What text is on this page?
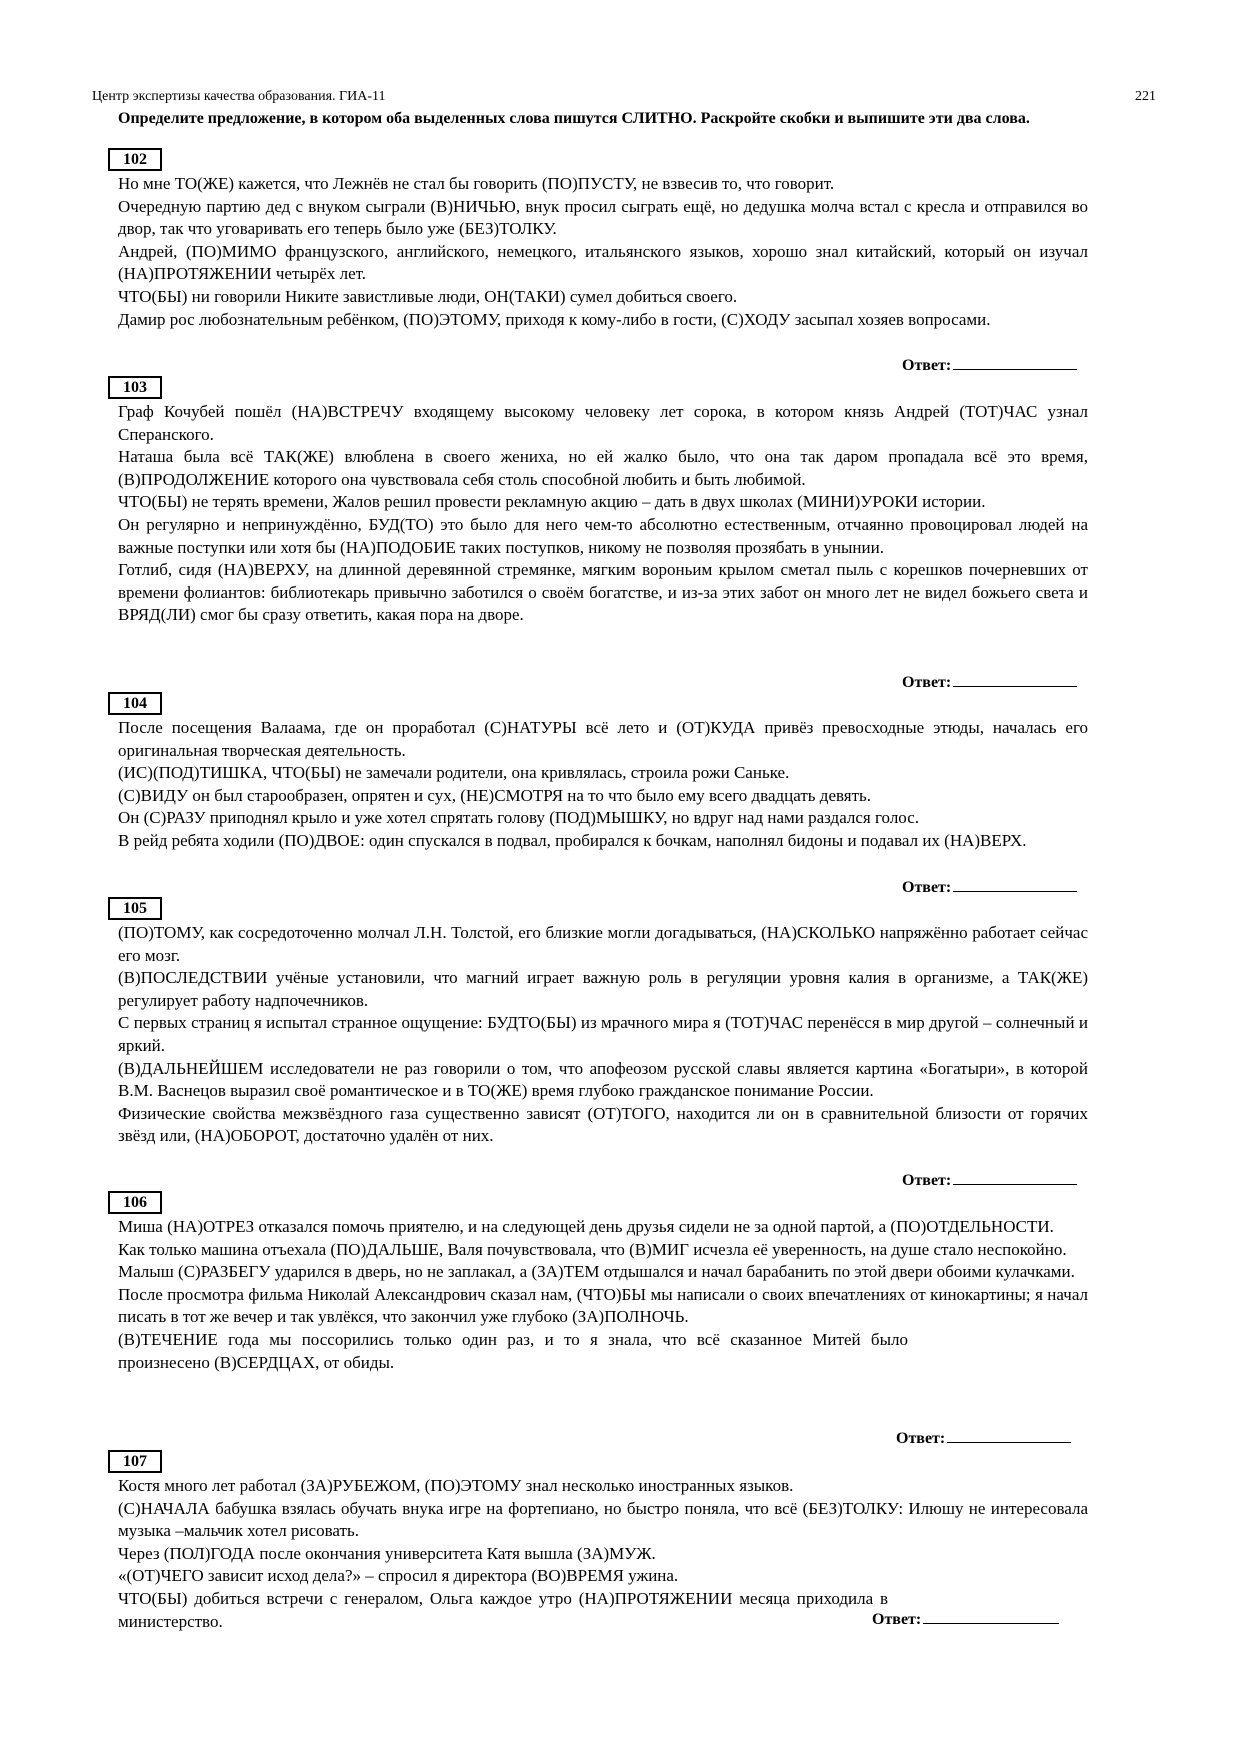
Центр экспертизы качества образования. ГИА-11	221
Определите предложение, в котором оба выделенных слова пишутся СЛИТНО. Раскройте скобки и выпишите эти два слова.
102

Но мне ТО(ЖЕ) кажется, что Лежнёв не стал бы говорить (ПО)ПУСТУ, не взвесив то, что говорит.

Очередную партию дед с внуком сыграли (В)НИЧЬЮ, внук просил сыграть ещё, но дедушка молча встал с кресла и отправился во двор, так что уговаривать его теперь было уже (БЕЗ)ТОЛКУ.

Андрей, (ПО)МИМО французского, английского, немецкого, итальянского языков, хорошо знал китайский, который он изучал (НА)ПРОТЯЖЕНИИ четырёх лет.

ЧТО(БЫ) ни говорили Никите завистливые люди, ОН(ТАКИ) сумел добиться своего.

Дамир рос любознательным ребёнком, (ПО)ЭТОМУ, приходя к кому-либо в гости, (С)ХОДУ засыпал хозяев вопросами.

Ответ:
103

Граф Кочубей пошёл (НА)ВСТРЕЧУ входящему высокому человеку лет сорока, в котором князь Андрей (ТОТ)ЧАС узнал Сперанского.

Наташа была всё ТАК(ЖЕ) влюблена в своего жениха, но ей жалко было, что она так даром пропадала всё это время, (В)ПРОДОЛЖЕНИЕ которого она чувствовала себя столь способной любить и быть любимой.

ЧТО(БЫ) не терять времени, Жалов решил провести рекламную акцию – дать в двух школах (МИНИ)УРОКИ истории.

Он регулярно и непринуждённо, БУД(ТО) это было для него чем-то абсолютно естественным, отчаянно провоцировал людей на важные поступки или хотя бы (НА)ПОДОБИЕ таких поступков, никому не позволяя прозябать в унынии.

Готлиб, сидя (НА)ВЕРХУ, на длинной деревянной стремянке, мягким вороньим крылом сметал пыль с корешков почерневших от времени фолиантов: библиотекарь привычно заботился о своём богатстве, и из-за этих забот он много лет не видел божьего света и ВРЯД(ЛИ) смог бы сразу ответить, какая пора на дворе.

Ответ:
104

После посещения Валаама, где он проработал (С)НАТУРЫ всё лето и (ОТ)КУДА привёз превосходные этюды, началась его оригинальная творческая деятельность.

(ИС)(ПОД)ТИШКА, ЧТО(БЫ) не замечали родители, она кривлялась, строила рожи Саньке.

(С)ВИДУ он был старообразен, опрятен и сух, (НЕ)СМОТРЯ на то что было ему всего двадцать девять.

Он (С)РАЗУ приподнял крыло и уже хотел спрятать голову (ПОД)МЫШКУ, но вдруг над нами раздался голос.

В рейд ребята ходили (ПО)ДВОЕ: один спускался в подвал, пробирался к бочкам, наполнял бидоны и подавал их (НА)ВЕРХ.

Ответ:
105

(ПО)ТОМУ, как сосредоточенно молчал Л.Н. Толстой, его близкие могли догадываться, (НА)СКОЛЬКО напряжённо работает сейчас его мозг.

(В)ПОСЛЕДСТВИИ учёные установили, что магний играет важную роль в регуляции уровня калия в организме, а ТАК(ЖЕ) регулирует работу надпочечников.

С первых страниц я испытал странное ощущение: БУДТО(БЫ) из мрачного мира я (ТОТ)ЧАС перенёсся в мир другой – солнечный и яркий.

(В)ДАЛЬНЕЙШЕМ исследователи не раз говорили о том, что апофеозом русской славы является картина «Богатыри», в которой В.М. Васнецов выразил своё романтическое и в ТО(ЖЕ) время глубоко гражданское понимание России.

Физические свойства межзвёздного газа существенно зависят (ОТ)ТОГО, находится ли он в сравнительной близости от горячих звёзд или, (НА)ОБОРОТ, достаточно удалён от них.

Ответ:
106

Миша (НА)ОТРЕЗ отказался помочь приятелю, и на следующей день друзья сидели не за одной партой, а (ПО)ОТДЕЛЬНОСТИ.

Как только машина отъехала (ПО)ДАЛЬШЕ, Валя почувствовала, что (В)МИГ исчезла её уверенность, на душе стало неспокойно.

Малыш (С)РАЗБЕГУ ударился в дверь, но не заплакал, а (ЗА)ТЕМ отдышался и начал барабанить по этой двери обоими кулачками.

После просмотра фильма Николай Александрович сказал нам, (ЧТО)БЫ мы написали о своих впечатлениях от кинокартины; я начал писать в тот же вечер и так увлёкся, что закончил уже глубоко (ЗА)ПОЛНОЧЬ.

(В)ТЕЧЕНИЕ года мы поссорились только один раз, и то я знала, что всё сказанное Митей было произнесено (В)СЕРДЦАХ, от обиды.

Ответ:
107

Костя много лет работал (ЗА)РУБЕЖОМ, (ПО)ЭТОМУ знал несколько иностранных языков.

(С)НАЧАЛА бабушка взялась обучать внука игре на фортепиано, но быстро поняла, что всё (БЕЗ)ТОЛКУ: Илюшу не интересовала музыка –мальчик хотел рисовать.

Через (ПОЛ)ГОДА после окончания университета Катя вышла (ЗА)МУЖ.

«(ОТ)ЧЕГО зависит исход дела?» – спросил я директора (ВО)ВРЕМЯ ужина.

ЧТО(БЫ) добиться встречи с генералом, Ольга каждое утро (НА)ПРОТЯЖЕНИИ месяца приходила в министерство.	Ответ:
